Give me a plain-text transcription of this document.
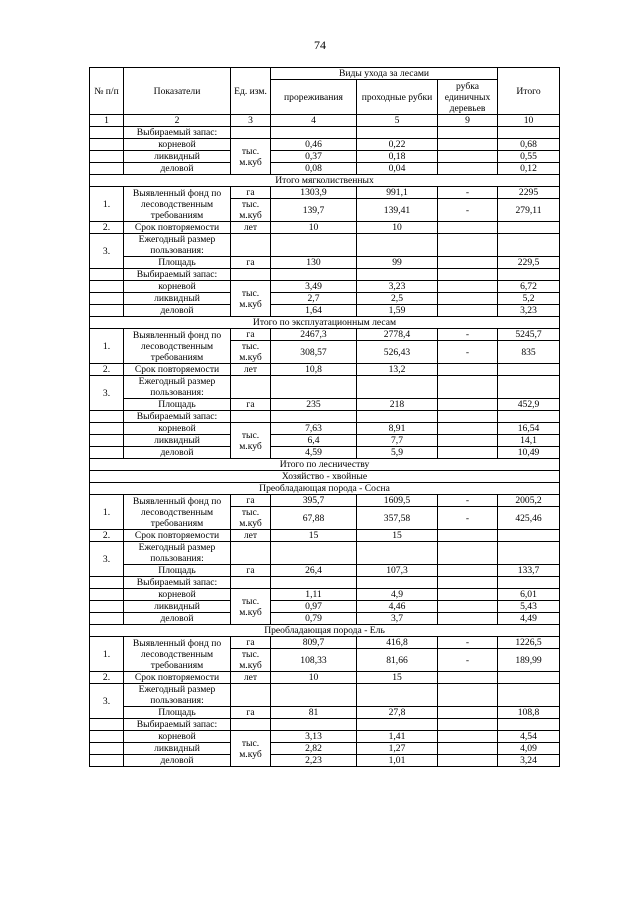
74
№ п/п	Показатели	Ед. изм.	Виды ухода за лесами			Итого
			прореживания	проходные рубки	рубка единичных деревьев	
1	2	3	4	5	9	10
	Выбираемый запас:					
	корневой	тыс. м.куб	0,46	0,22		0,68
	ликвидный		0,37	0,18		0,55
	деловой		0,08	0,04		0,12
Итого мягколиственных						
1.	Выявленный фонд по лесоводственным требованиям	га	1303,9	991,1	-	2295
		тыс. м.куб	139,7	139,41	-	279,11
2.	Срок повторяемости	лет	10	10		
3.	Ежегодный размер пользования:					
	Площадь	га	130	99		229,5
	Выбираемый запас:					
	корневой	тыс. м.куб	3,49	3,23		6,72
	ликвидный		2,7	2,5		5,2
	деловой		1,64	1,59		3,23
Итого по эксплуатационным лесам						
1.	Выявленный фонд по лесоводственным требованиям	га	2467,3	2778,4	-	5245,7
		тыс. м.куб	308,57	526,43	-	835
2.	Срок повторяемости	лет	10,8	13,2		
3.	Ежегодный размер пользования:					
	Площадь	га	235	218		452,9
	Выбираемый запас:					
	корневой	тыс. м.куб	7,63	8,91		16,54
	ликвидный		6,4	7,7		14,1
	деловой		4,59	5,9		10,49
Итого по лесничеству						
Хозяйство - хвойные						
Преобладающая порода - Сосна						
1.	Выявленный фонд по лесоводственным требованиям	га	395,7	1609,5	-	2005,2
		тыс. м.куб	67,88	357,58	-	425,46
2.	Срок повторяемости	лет	15	15		
3.	Ежегодный размер пользования:					
	Площадь	га	26,4	107,3		133,7
	Выбираемый запас:					
	корневой	тыс. м.куб	1,11	4,9		6,01
	ликвидный		0,97	4,46		5,43
	деловой		0,79	3,7		4,49
Преобладающая порода - Ель						
1.	Выявленный фонд по лесоводственным требованиям	га	809,7	416,8	-	1226,5
		тыс. м.куб	108,33	81,66	-	189,99
2.	Срок повторяемости	лет	10	15		
3.	Ежегодный размер пользования:					
	Площадь	га	81	27,8		108,8
	Выбираемый запас:					
	корневой	тыс. м.куб	3,13	1,41		4,54
	ликвидный		2,82	1,27		4,09
	деловой		2,23	1,01		3,24
